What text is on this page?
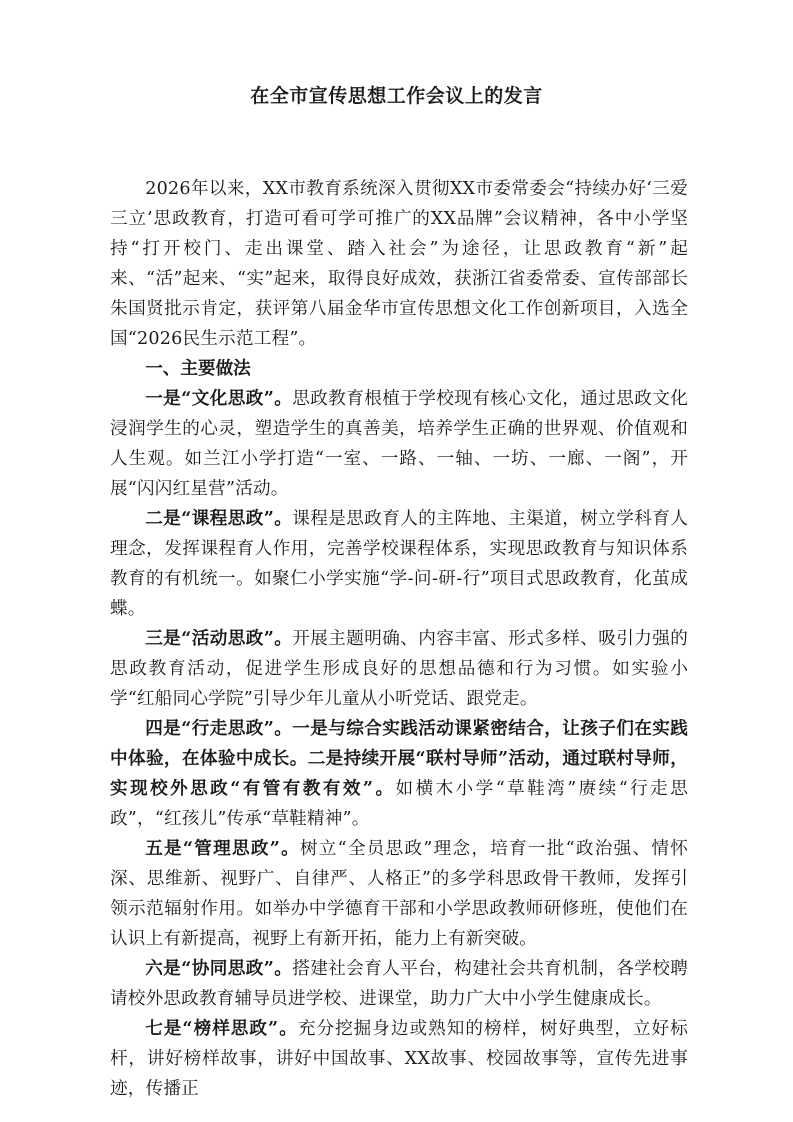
在全市宣传思想工作会议上的发言

2026年以来，XX市教育系统深入贯彻XX市委常委会“持续办好‘三爱三立’思政教育，打造可看可学可推广的XX品牌”会议精神，各中小学坚持“打开校门、走出课堂、踏入社会”为途径，让思政教育“新”起来、“活”起来、“实”起来，取得良好成效，获浙江省委常委、宣传部部长朱国贤批示肯定，获评第八届金华市宣传思想文化工作创新项目，入选全国“2026民生示范工程”。

一、主要做法

一是“文化思政”。思政教育根植于学校现有核心文化，通过思政文化浸润学生的心灵，塑造学生的真善美，培养学生正确的世界观、价值观和人生观。如兰江小学打造“一室、一路、一轴、一坊、一廊、一阁”，开展“闪闪红星营”活动。

二是“课程思政”。课程是思政育人的主阵地、主渠道，树立学科育人理念，发挥课程育人作用，完善学校课程体系，实现思政教育与知识体系教育的有机统一。如聚仁小学实施“学-问-研-行”项目式思政教育，化茧成蝶。

三是“活动思政”。开展主题明确、内容丰富、形式多样、吸引力强的思政教育活动，促进学生形成良好的思想品德和行为习惯。如实验小学“红船同心学院”引导少年儿童从小听党话、跟党走。

四是“行走思政”。一是与综合实践活动课紧密结合，让孩子们在实践中体验，在体验中成长。二是持续开展“联村导师”活动，通过联村导师，实现校外思政“有管有教有效”。如横木小学“草鞋湾”赓续“行走思政”，“红孩儿”传承“草鞋精神”。

五是“管理思政”。树立“全员思政”理念，培育一批“政治强、情怀深、思维新、视野广、自律严、人格正”的多学科思政骨干教师，发挥引领示范辐射作用。如举办中学德育干部和小学思政教师研修班，使他们在认识上有新提高，视野上有新开拓，能力上有新突破。

六是“协同思政”。搭建社会育人平台，构建社会共育机制，各学校聘请校外思政教育辅导员进学校、进课堂，助力广大中小学生健康成长。

七是“榜样思政”。充分挖掘身边或熟知的榜样，树好典型，立好标杆，讲好榜样故事，讲好中国故事、XX故事、校园故事等，宣传先进事迹，传播正
